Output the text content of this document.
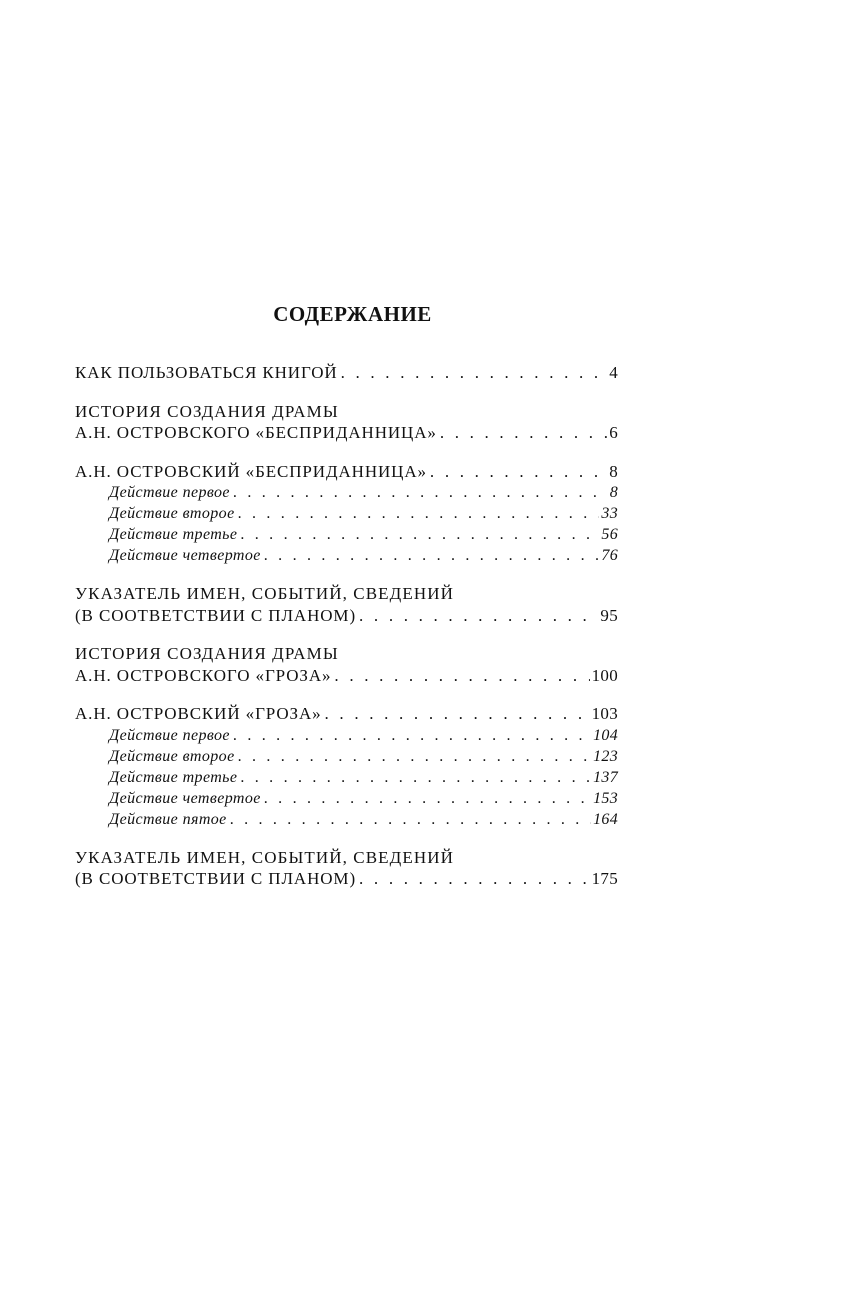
СОДЕРЖАНИЕ
КАК ПОЛЬЗОВАТЬСЯ КНИГОЙ . . .	4
ИСТОРИЯ СОЗДАНИЯ ДРАМЫ
А.Н. ОСТРОВСКОГО «БЕСПРИДАННИЦА» . . .	6
А.Н. ОСТРОВСКИЙ «БЕСПРИДАННИЦА» . . .	8
Действие первое . . .	8
Действие второе . . .	33
Действие третье . . .	56
Действие четвертое . . .	76
УКАЗАТЕЛЬ ИМЕН, СОБЫТИЙ, СВЕДЕНИЙ
(В СООТВЕТСТВИИ С ПЛАНОМ) . . .	95
ИСТОРИЯ СОЗДАНИЯ ДРАМЫ
А.Н. ОСТРОВСКОГО «ГРОЗА» . . .	100
А.Н. ОСТРОВСКИЙ «ГРОЗА» . . .	103
Действие первое . . .	104
Действие второе . . .	123
Действие третье . . .	137
Действие четвертое . . .	153
Действие пятое . . .	164
УКАЗАТЕЛЬ ИМЕН, СОБЫТИЙ, СВЕДЕНИЙ
(В СООТВЕТСТВИИ С ПЛАНОМ) . . .	175
